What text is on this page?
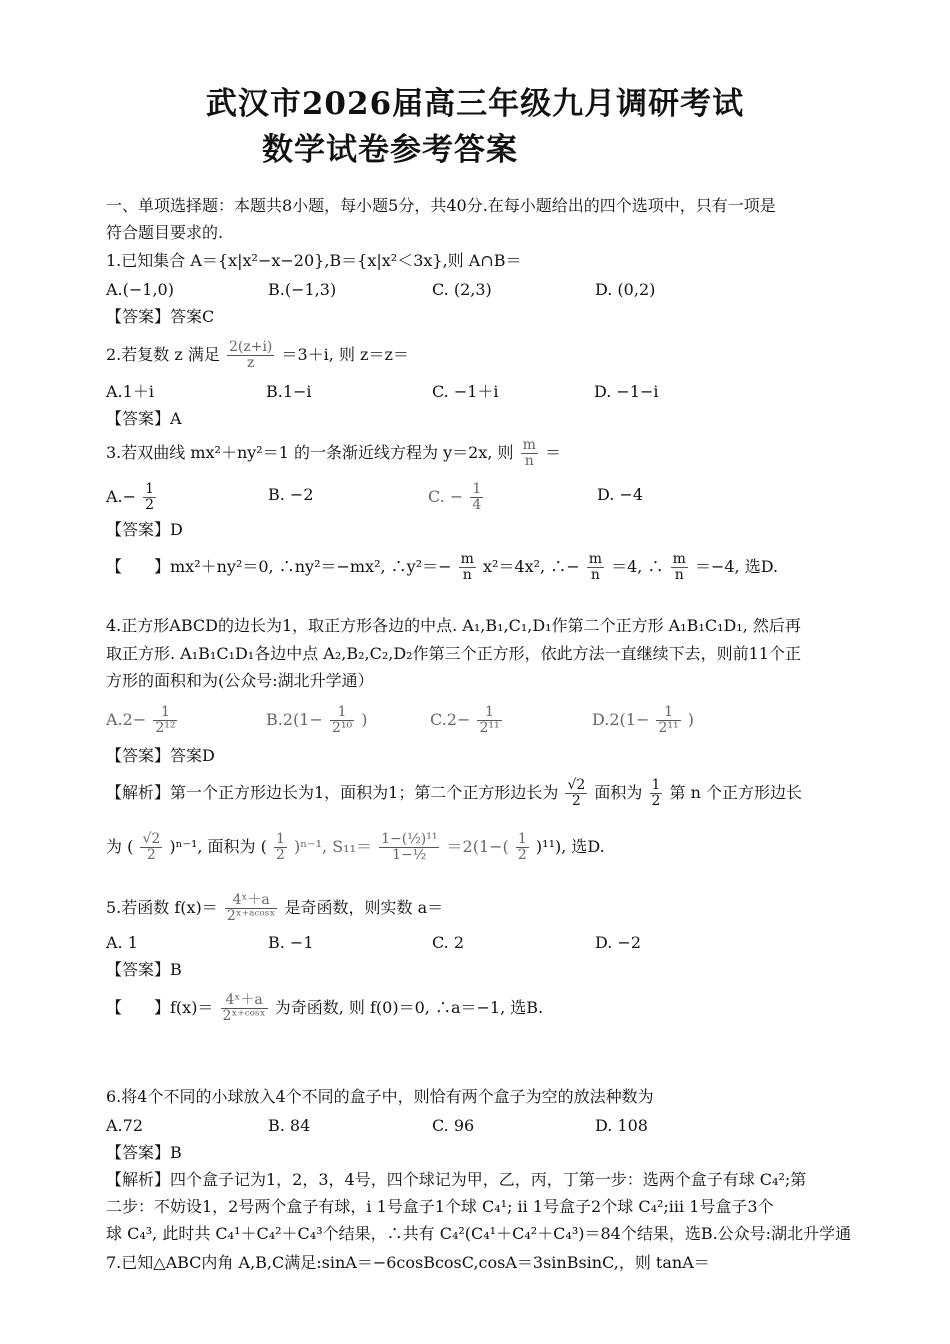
武汉市2026届高三年级九月调研考试
数学试卷参考答案
一、单项选择题：本题共8小题，每小题5分，共40分.在每小题给出的四个选项中，只有一项是
符合题目要求的.
1.已知集合 A＝{x|x²−x−20},B＝{x|x²＜3x},则 A∩B＝
A.(−1,0)	B.(−1,3)	C. (2,3)	D. (0,2)
【答案】答案C
2.若复数 z 满足 $\frac{2(z+i)}{z} =3+i$, 则 z＝z＝
A.1＋i	B.1−i	C. −1＋i	D. −1−i
【答案】A
3.若双曲线 mx²＋ny²＝1 的一条渐近线方程为 y＝2x, 则 $\frac{m}{n}$ ＝
$A.- \frac{1}{2}$	B. −2	C. − $\frac{1}{4}$	D. −4
【答案】D
【　　】mx²＋ny²＝0, ∴ny²＝−mx², ∴y²＝− $\frac{m}{n} x^2=4x^2$, ∴− $\frac{m}{n} =4$, ∴ $\frac{m}{n} =-4$, 选D.
4.正方形ABCD的边长为1，取正方形各边的中点. A₁,B₁,C₁,D₁作第二个正方形 A₁B₁C₁D₁, 然后再
取正方形. A₁B₁C₁D₁各边中点 A₂,B₂,C₂,D₂作第三个正方形，依此方法一直继续下去，则前11个正
方形的面积和为(公众号:湖北升学通）
$A.2- \frac{1}{\text{2¹²}}$	$B.2(1- \frac{1}{\text{2¹⁰}}$ )	$C.2- \frac{1}{\text{2¹¹}}$	$D.2(1- \frac{1}{\text{2¹¹}}$ )
【答案】答案D
【解析】第一个正方形边长为1，面积为1；第二个正方形边长为 $\frac{√2}{2}$ 面积为 $\frac{1}{2}$ 第 n 个正方形边长
为 ( $\frac{√2}{2} )^{n-1}$, 面积为 ( $\frac{1}{2} )^{n-1}$, $S_{11}= \frac{\text{1−(½)¹¹}}{\text{1−½}} =2(1-( \frac{1}{2} )^{11})$, 选D.
5.若函数 $f(x)= \frac{\text{4ˣ＋a}}{\text{2ˣ⁺ᵃᶜᵒˢˣ}}$ 是奇函数，则实数 a＝
A. 1	B. −1	C. 2	D. −2
【答案】B
【　　】$f(x)= \frac{\text{4ˣ＋a}}{\text{2ˣ⁺ᶜᵒˢˣ}}$ 为奇函数, 则 f(0)＝0, ∴a＝−1, 选B.
6.将4个不同的小球放入4个不同的盒子中，则恰有两个盒子为空的放法种数为
A.72	B. 84	C. 96	D. 108
【答案】B
【解析】四个盒子记为1，2，3，4号，四个球记为甲，乙，丙，丁第一步：选两个盒子有球 C₄²;第
二步：不妨设1，2号两个盒子有球，i 1号盒子1个球 C₄¹; ii 1号盒子2个球 C₄²;iii 1号盒子3个
球 C₄³, 此时共 C₄¹＋C₄²＋C₄³个结果，∴共有 C₄²(C₄¹＋C₄²＋C₄³)＝84个结果，选B.公众号:湖北升学通
7.已知△ABC内角 A,B,C满足:sinA＝−6cosBcosC,cosA＝3sinBsinC,，则 tanA＝
